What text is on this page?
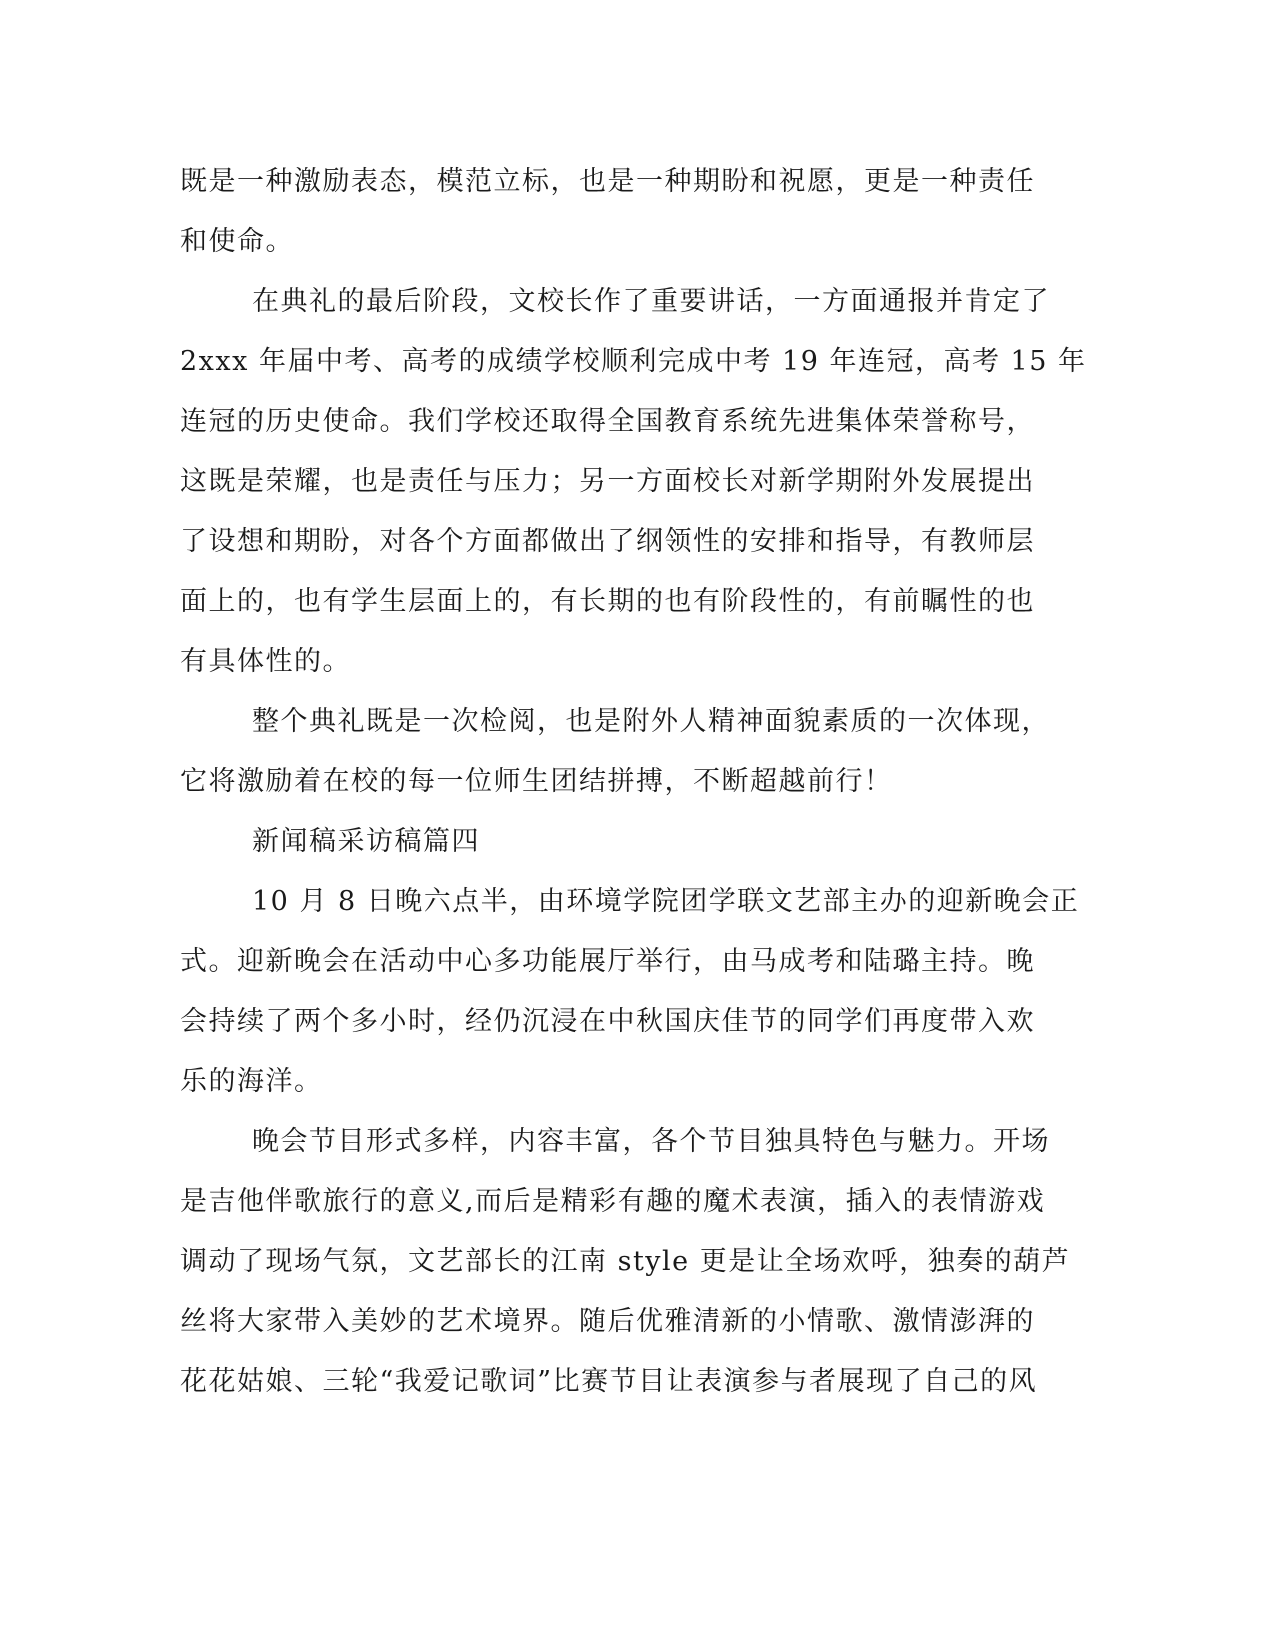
既是一种激励表态，模范立标，也是一种期盼和祝愿，更是一种责任
和使命。
在典礼的最后阶段，文校长作了重要讲话，一方面通报并肯定了
2xxx 年届中考、高考的成绩学校顺利完成中考 19 年连冠，高考 15 年
连冠的历史使命。我们学校还取得全国教育系统先进集体荣誉称号，
这既是荣耀，也是责任与压力；另一方面校长对新学期附外发展提出
了设想和期盼，对各个方面都做出了纲领性的安排和指导，有教师层
面上的，也有学生层面上的，有长期的也有阶段性的，有前瞩性的也
有具体性的。
整个典礼既是一次检阅，也是附外人精神面貌素质的一次体现，
它将激励着在校的每一位师生团结拼搏，不断超越前行！
新闻稿采访稿篇四
10 月 8 日晚六点半，由环境学院团学联文艺部主办的迎新晚会正
式。迎新晚会在活动中心多功能展厅举行，由马成考和陆璐主持。晚
会持续了两个多小时，经仍沉浸在中秋国庆佳节的同学们再度带入欢
乐的海洋。
晚会节目形式多样，内容丰富，各个节目独具特色与魅力。开场
是吉他伴歌旅行的意义,而后是精彩有趣的魔术表演，插入的表情游戏
调动了现场气氛，文艺部长的江南 style 更是让全场欢呼，独奏的葫芦
丝将大家带入美妙的艺术境界。随后优雅清新的小情歌、激情澎湃的
花花姑娘、三轮“我爱记歌词”比赛节目让表演参与者展现了自己的风
